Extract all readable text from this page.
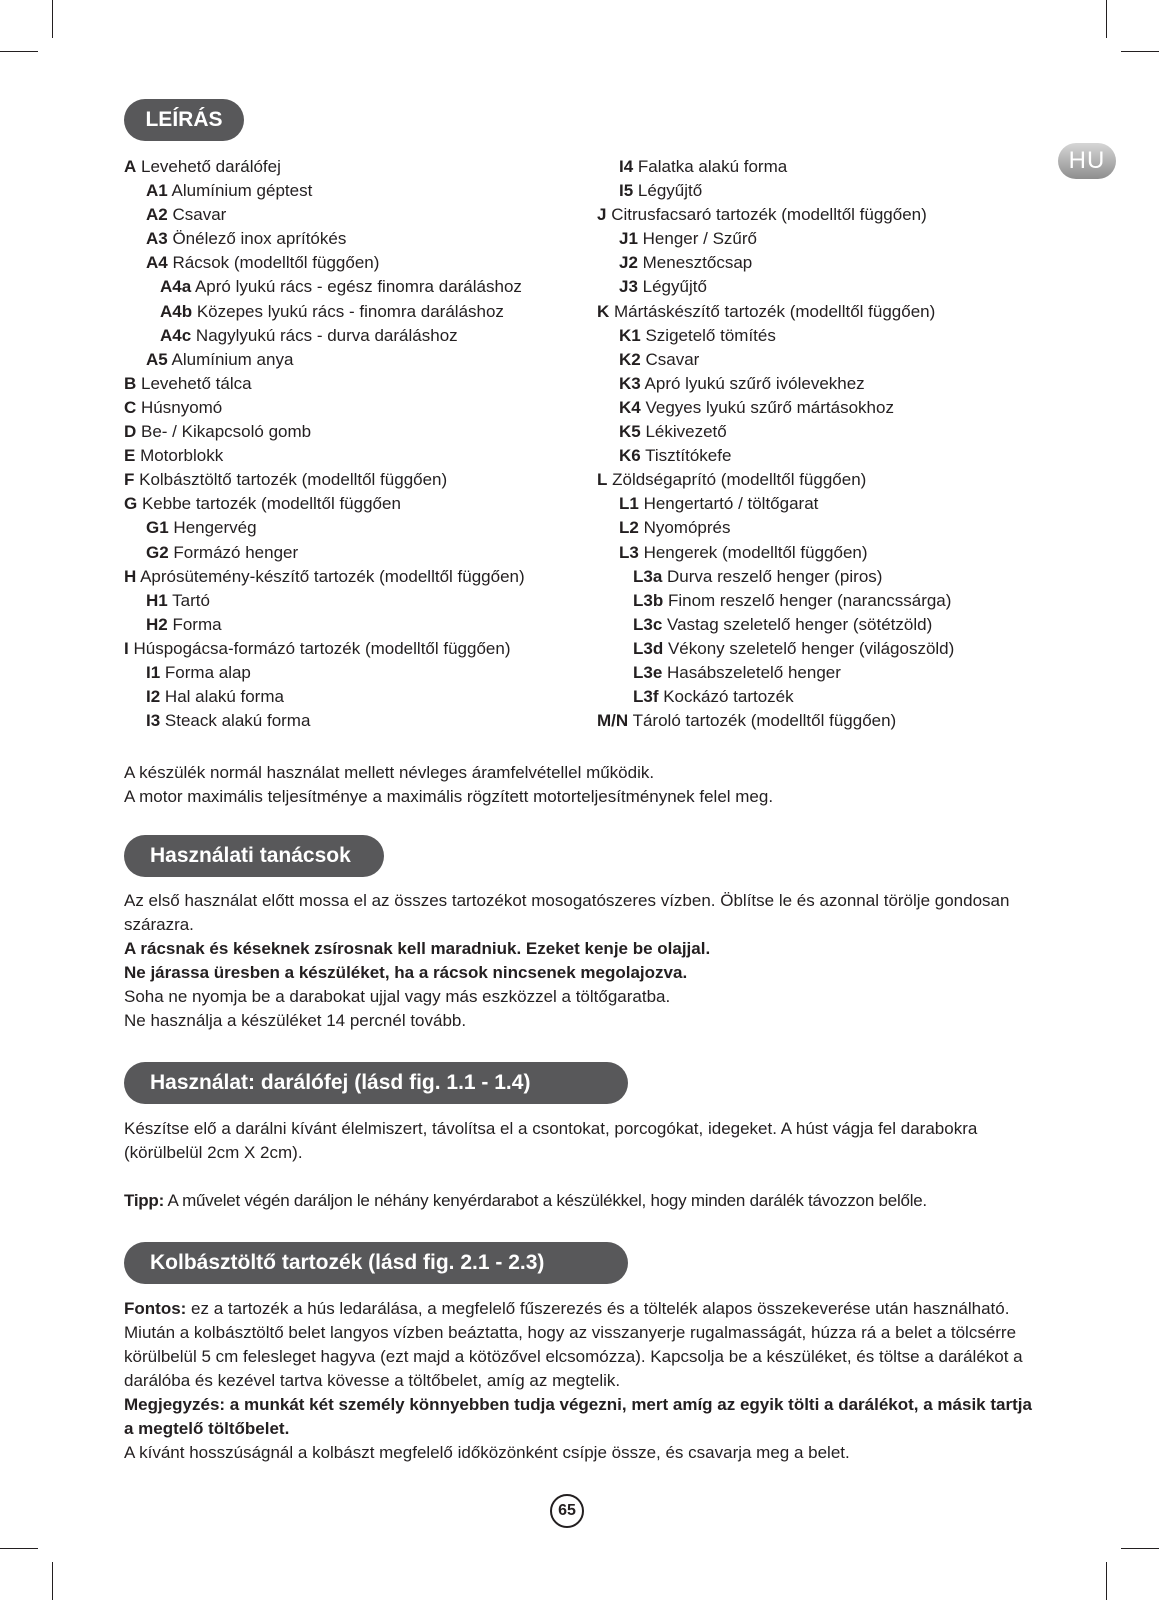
HU
LEÍRÁS
A Levehető darálófej
A1 Alumínium géptest
A2 Csavar
A3 Önélező inox aprítókés
A4 Rácsok (modelltől függően)
A4a Apró lyukú rács - egész finomra daráláshoz
A4b Közepes lyukú rács - finomra daráláshoz
A4c Nagylyukú rács - durva daráláshoz
A5 Alumínium anya
B Levehető tálca
C Húsnyomó
D Be- / Kikapcsoló gomb
E Motorblokk
F Kolbásztöltő tartozék (modelltől függően)
G Kebbe tartozék (modelltől függően
G1 Hengervég
G2 Formázó henger
H Aprósütemény-készítő tartozék (modelltől függően)
H1 Tartó
H2 Forma
I Húspogácsa-formázó tartozék (modelltől függően)
I1 Forma alap
I2 Hal alakú forma
I3 Steack alakú forma
I4 Falatka alakú forma
I5 Légyűjtő
J Citrusfacsaró tartozék (modelltől függően)
J1 Henger / Szűrő
J2 Menesztőcsap
J3 Légyűjtő
K Mártáskészítő tartozék (modelltől függően)
K1 Szigetelő tömítés
K2 Csavar
K3 Apró lyukú szűrő ivólevekhez
K4 Vegyes lyukú szűrő mártásokhoz
K5 Lékivezető
K6 Tisztítókefe
L Zöldségaprító (modelltől függően)
L1 Hengertartó / töltőgarat
L2 Nyomóprés
L3 Hengerek (modelltől függően)
L3a Durva reszelő henger (piros)
L3b Finom reszelő henger (narancssárga)
L3c Vastag szeletelő henger (sötétzöld)
L3d Vékony szeletelő henger (világoszöld)
L3e Hasábszeletelő henger
L3f Kockázó tartozék
M/N Tároló tartozék (modelltől függően)

A készülék normál használat mellett névleges áramfelvétellel működik.

A motor maximális teljesítménye a maximális rögzített motorteljesítménynek felel meg.

Használati tanácsok

Az első használat előtt mossa el az összes tartozékot mosogatószeres vízben. Öblítse le és azonnal törölje gondosan szárazra.

A rácsnak és késeknek zsírosnak kell maradniuk. Ezeket kenje be olajjal.

Ne járassa üresben a készüléket, ha a rácsok nincsenek megolajozva.

Soha ne nyomja be a darabokat ujjal vagy más eszközzel a töltőgaratba.

Ne használja a készüléket 14 percnél tovább.

Használat: darálófej (lásd fig. 1.1 - 1.4)

Készítse elő a darálni kívánt élelmiszert, távolítsa el a csontokat, porcogókat, idegeket. A húst vágja fel darabokra (körülbelül 2cm X 2cm).

Tipp: A művelet végén daráljon le néhány kenyérdarabot a készülékkel, hogy minden darálék távozzon belőle.

Kolbásztöltő tartozék (lásd fig. 2.1 - 2.3)

Fontos: ez a tartozék a hús ledarálása, a megfelelő fűszerezés és a töltelék alapos összekeverése után használható.

Miután a kolbásztöltő belet langyos vízben beáztatta, hogy az visszanyerje rugalmasságát, húzza rá a belet a tölcsérre körülbelül 5 cm felesleget hagyva (ezt majd a kötözővel elcsomózza). Kapcsolja be a készüléket, és töltse a darálékot a darálóba és kezével tartva kövesse a töltőbelet, amíg az megtelik.

Megjegyzés: a munkát két személy könnyebben tudja végezni, mert amíg az egyik tölti a darálékot, a másik tartja a megtelő töltőbelet.

A kívánt hosszúságnál a kolbászt megfelelő időközönként csípje össze, és csavarja meg a belet.

65
